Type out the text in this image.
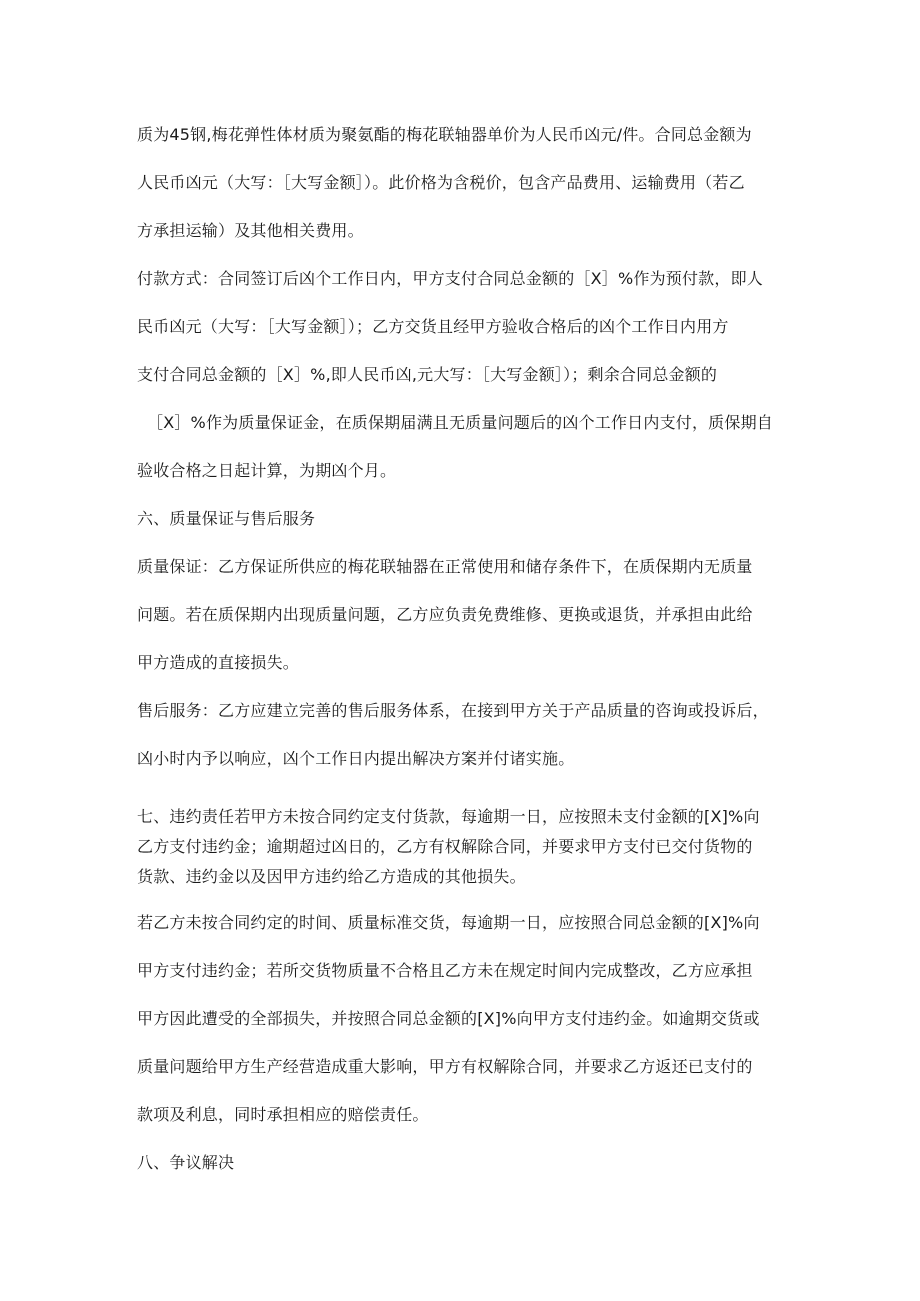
质为45钢,梅花弹性体材质为聚氨酯的梅花联轴器单价为人民币凶元/件。合同总金额为

人民币凶元（大写：［大写金额］）。此价格为含税价，包含产品费用、运输费用（若乙

方承担运输）及其他相关费用。

付款方式：合同签订后凶个工作日内，甲方支付合同总金额的［X］%作为预付款，即人

民币凶元（大写：［大写金额］）；乙方交货且经甲方验收合格后的凶个工作日内用方

支付合同总金额的［X］%,即人民币凶,元大写：［大写金额］）；剩余合同总金额的

［X］%作为质量保证金，在质保期届满且无质量问题后的凶个工作日内支付，质保期自

验收合格之日起计算，为期凶个月。

六、质量保证与售后服务

质量保证：乙方保证所供应的梅花联轴器在正常使用和储存条件下，在质保期内无质量

问题。若在质保期内出现质量问题，乙方应负责免费维修、更换或退货，并承担由此给

甲方造成的直接损失。

售后服务：乙方应建立完善的售后服务体系，在接到甲方关于产品质量的咨询或投诉后，

凶小时内予以响应，凶个工作日内提出解决方案并付诸实施。

七、违约责任若甲方未按合同约定支付货款，每逾期一日，应按照未支付金额的[X]%向

乙方支付违约金；逾期超过凶日的，乙方有权解除合同，并要求甲方支付已交付货物的

货款、违约金以及因甲方违约给乙方造成的其他损失。

若乙方未按合同约定的时间、质量标准交货，每逾期一日，应按照合同总金额的[X]%向

甲方支付违约金；若所交货物质量不合格且乙方未在规定时间内完成整改，乙方应承担

甲方因此遭受的全部损失，并按照合同总金额的[X]%向甲方支付违约金。如逾期交货或

质量问题给甲方生产经营造成重大影响，甲方有权解除合同，并要求乙方返还已支付的

款项及利息，同时承担相应的赔偿责任。

八、争议解决
